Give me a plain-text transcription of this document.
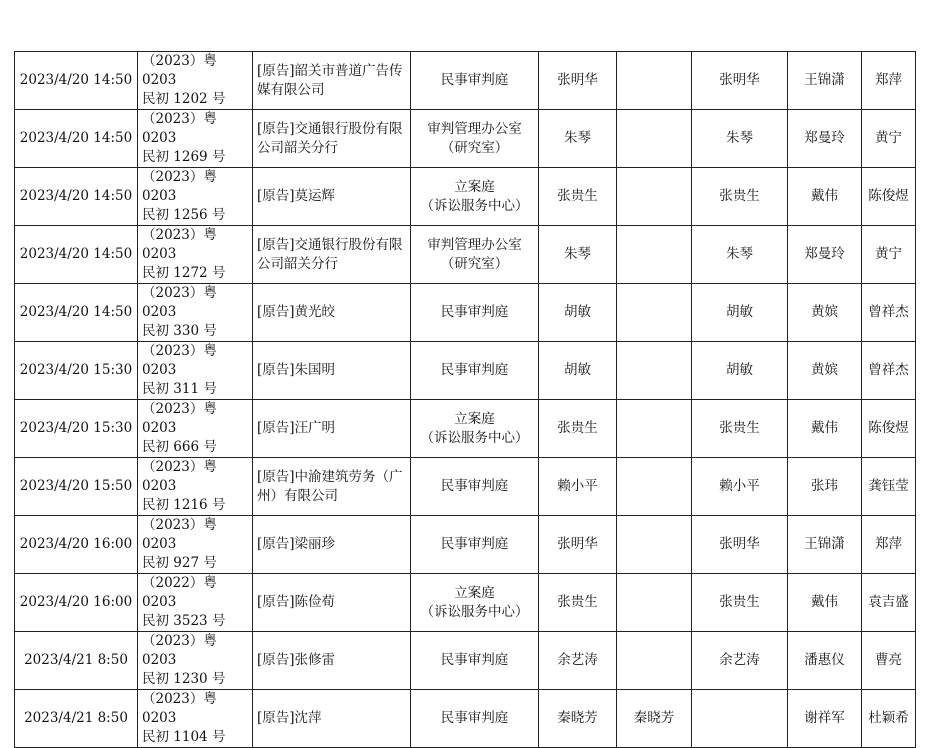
2023/4/20 14:50	（2023）粤 0203
民初 1202 号	[原告]韶关市普道广告传媒有限公司	民事审判庭	张明华		张明华	王锦潇	郑萍
2023/4/20 14:50	（2023）粤 0203
民初 1269 号	[原告]交通银行股份有限公司韶关分行	审判管理办公室
（研究室）	朱琴		朱琴	郑曼玲	黄宁
2023/4/20 14:50	（2023）粤 0203
民初 1256 号	[原告]莫运辉	立案庭
（诉讼服务中心）	张贵生		张贵生	戴伟	陈俊煜
2023/4/20 14:50	（2023）粤 0203
民初 1272 号	[原告]交通银行股份有限公司韶关分行	审判管理办公室
（研究室）	朱琴		朱琴	郑曼玲	黄宁
2023/4/20 14:50	（2023）粤 0203
民初 330 号	[原告]黄光皎	民事审判庭	胡敏		胡敏	黄嫔	曾祥杰
2023/4/20 15:30	（2023）粤 0203
民初 311 号	[原告]朱国明	民事审判庭	胡敏		胡敏	黄嫔	曾祥杰
2023/4/20 15:30	（2023）粤 0203
民初 666 号	[原告]汪广明	立案庭
（诉讼服务中心）	张贵生		张贵生	戴伟	陈俊煜
2023/4/20 15:50	（2023）粤 0203
民初 1216 号	[原告]中渝建筑劳务（广州）有限公司	民事审判庭	赖小平		赖小平	张玮	龚钰莹
2023/4/20 16:00	（2023）粤 0203
民初 927 号	[原告]梁丽珍	民事审判庭	张明华		张明华	王锦潇	郑萍
2023/4/20 16:00	（2022）粤 0203
民初 3523 号	[原告]陈俭荀	立案庭
（诉讼服务中心）	张贵生		张贵生	戴伟	袁吉盛
2023/4/21 8:50	（2023）粤 0203
民初 1230 号	[原告]张修雷	民事审判庭	余艺涛		余艺涛	潘惠仪	曹亮
2023/4/21 8:50	（2023）粤 0203
民初 1104 号	[原告]沈萍	民事审判庭	秦晓芳	秦晓芳		谢祥军	杜颖希
